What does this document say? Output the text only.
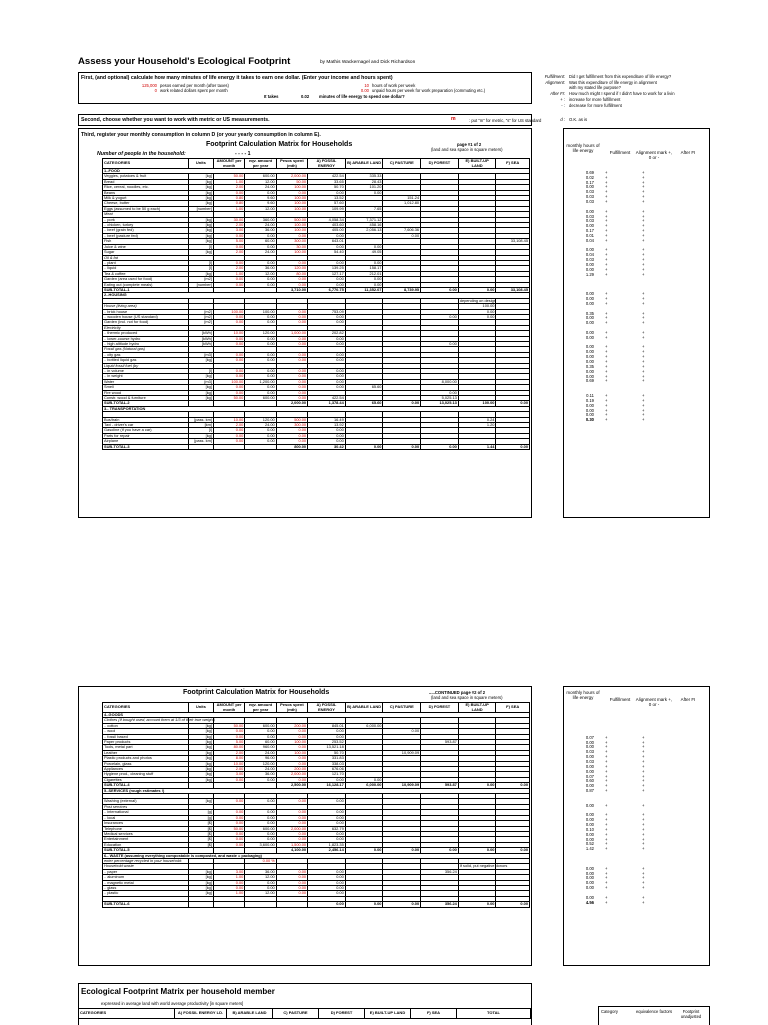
Assess your Household's Ecological Footprint	by Mathis Wackernagel and Dick Richardson
First, (and optional) calculate how many minutes of life energy it takes to earn one dollar. (Enter your income and hours spent)
125,000 pesos earned per month (after taxes)	10 hours of work per week
0 work related dollars spent per month	0.00 unpaid hours per week for work preparation (commuting etc.)
It takes	0.02 minutes of life energy to spend one dollar?
Fulfillment: Did I get fulfillment from this expenditure of life energy?
Alignment: Was this expenditure of life energy in alignment
with my stated life purpose?
After FI: How much might I spend if I didn't have to work for a livin
+ : increase for more fulfillment
- : decrease for more fulfillment
d : O.K. as is
Second, choose whether you want to work with metric or US measurements.	m	: put "m" for metric, "s" for US standard
Third, register your monthly consumption in column D (or your yearly consumption in column E).
Footprint Calculation Matrix for Households	page #1 of 2
(land and sea space in square meters)
Number of people in the household:	- - - - 1
CATEGORIES	Units	AMOUNT per month	eqv. amount per year	Pesos spent (mth)	A) FOSSIL ENERGY	B) ARABLE LAND	C) PASTURE	D) FOREST	E) BUILT-UP LAND	F) SEA
1.-FOOD										
Veggies, potatoes & fruit	[kg]	50.00	600.00	2,000.00	422.54	335.33				
Bread	[kg]	1.00	12.00	50.00	33.65	28.43				
Rice, cereal, noodles, etc.	[kg]	2.00	24.00	100.00	50.70	101.20				
Beans	[kg]	0.00	0.00	0.00	0.00	0.00				
Milk & yogurt	[kg]	0.80	9.60	100.00	13.52		151.24			
Cheese, butter	[kg]	0.80	9.60	100.00	57.60		1,012.80			
Eggs (assumed to be 50 g each)	[number]	1.00	12.00	100.00	109.99	7.65				
Meat										
.. pork	[kg]	30.00	360.00	500.00	4,058.34	7,371.12				
.. chicken, turkey	[kg]	2.00	24.00	100.00	403.60	458.16				
.. beef (grain fed)	[kg]	3.00	36.00	100.00	405.00	2,056.13	7,606.36			
.. beef (pasture fed)	[kg]	0.00	0.00	0.00	0.00		0.00			
Fish	[kg]	5.00	60.00	300.00	643.01					33,108.45
Juice & wine	[l]	0.00	0.00	30.00	0.00	0.00				
Sugar	[kg]	2.00	24.00	100.00	54.40	49.05				
Oil & fat										
.. plant	[l]	0.00	0.00	0.00	0.00	0.00				
.. liquid	[l]	2.00	36.00	120.00	139.25	158.17				
Tea & coffee	[kg]	1.00	12.00	80.00	127.17	212.01				
Garden (area used for food)	[m2]	0.00	0.00	0.00	0.00	0.00				
Eating out (complete meals)	[number]	0.00	0.00	0.00	0.00	0.00				
SUB-TOTAL-1				3,710.00	6,770.75	11,352.07	8,739.95	0.00	0.00	33,108.45
2.-HOUSING										
									depending on design	
House (living area)									100.00	
.. brick house	[m2]	100.00	100.00	0.00	753.09				0.00	
.. wooden house (US standard)	[m2]	0.00	0.00	0.00	0.00			0.00	0.00	
Garden (incl. not for food)	[m2]	0.00	0.00	0.00	0.00					
Electricity										
.. thermic produced	[kWh]	10.00	120.00	1,000.00	202.82					
.. lower-course hydro	[kWh]	0.00	0.00	0.00	0.00					
.. high altitude hydro	[kWh]	0.00	0.00	0.00	0.00			0.00		
Fossil gas (Natural gas)										
.. city gas	[m3]	0.00	0.00	0.00	0.00					
.. bottled liquid gas	[kg]	0.00	0.00	0.00	0.00					
Liquid fossil fuel (by										
.. in volume	[l]	0.00	0.00	0.00	0.00					
.. in weight	[kg]	0.00	0.00	0.00	0.00					
Water	[m3]	100.00	1,200.00	0.00	0.00			8,000.00		
Smell	[kg]	0.00	0.00	0.00	0.00	65.60				
Fire wood	[kg]	0.00	0.00	0.00				0.00		
Constr. wood & furniture	[kg]	50.00	600.00	0.00	422.54			5,025.13		
SUB-TOTAL-2				2,000.00	1,378.44	65.60	0.00	13,025.13	100.00	0.00
3.- TRANSPORTATION										

Bus/train	[pass. km]	10.00	120.00	500.00	16.49				0.24	
Taxi - driver's car	[km]	2.00	24.00	300.00	13.92				1.20	
Gasoline (if you have a car)	[l]	0.00	0.00	0.00	0.00					
Parts for repair	[kg]	0.00	0.00	0.00	0.00					
Airplane	[pass. km]	0.00	0.00	0.00	0.00					
SUB-TOTAL-3				800.00	30.42	0.00	0.00	0.00	1.44	0.00
monthly hours of life energy	Fulfillment	Alignment mark +, 0 or -
After FI
0.69	+	+
0.02	+	+
0.17	+	+
0.00	+	+
0.03	+	+
0.03	+	+
0.03	+	+
0.00	+	+
0.03	+	+
0.03	+	+
0.00	+	+
0.17	+	+
0.01	+	+
0.04	+	+
0.00	+	+
0.04	+	+
0.03	+	+
0.00	+	+
0.00	+	+
1.29	+	+
0.00	+	+
0.00	+	+
0.00	+	+
0.35	+	+
0.00	+	+
0.00	+	+
0.00	+	+
0.00	+	+
0.00	+	+
0.00	+	+
0.00	+	+
0.00	+	+
0.35	+	+
0.00	+	+
0.00	+	+
0.69	+	+
0.11	+	+
0.19	+	+
0.00	+	+
0.00	+	+
0.00	+	+
0.30	+	+
Footprint Calculation Matrix for Households	.....CONTINUED page #2 of 2
(land and sea space in square meters)
CATEGORIES	Units	AMOUNT per month	eqv. amount per year	Pesos spent (mth)	A) FOSSIL ENERGY	B) ARABLE LAND	C) PASTURE	D) FOREST	E) BUILT-UP LAND	F) SEA
4.-GOODS										
Clothes (If bought used, account them at 1/3 of their true weight)										
.. cotton	[kg]	50.00	600.00	200.00	845.01	6,000.00				
.. wool	[kg]	0.00	0.00	0.00	0.00		0.00			
.. fossil based	[kg]	0.00	0.00	0.00	0.00					
Paper products	[kg]	5.00	60.00	100.00	253.52			593.87		
Tools, metal part	[kg]	80.00	960.00	0.00	13,521.18					
Leather	[kg]	2.00	24.00	100.00	50.70		10,909.09			
Plastic products and photos	[kg]	8.00	96.00	0.00	331.83					
Porcelain, glass	[kg]	10.00	120.00	0.00	338.03					
Appliances	[kg]	2.00	24.00	200.00	676.06					
Hygiene prod., cleaning stuff	[kg]	3.00	36.00	2,000.00	121.70					
Cigarettes	[kg]	0.00	0.00	0.00	0.00	0.00				
SUB-TOTAL-4				2,500.00	16,128.17	6,000.00	10,909.09	593.87	0.00	0.00
5.-SERVICES (rough estimates !)										

Washing (external)	[kg]	0.00	0.00	0.00	0.00					
Post services										
.. international	[g]	0.00	0.00	0.00	0.00					
.. local	[g]	0.00	0.00	0.00	0.00					
Insurances	[$]	0.00	0.00	0.00	0.00					
Telephone	[$]	50.00	600.00	2,000.00	632.79					
Medical services	[$]	0.00	0.00	0.00	0.00					
Entertainment	[$]	0.00	0.00	0.00	0.00					
Education	[$]	0.00	3,600.00	1,500.00	1,823.35					
SUB-TOTAL-5				4,100.00	2,456.14	0.00	0.00	0.00	0.00	0.00
6.- WASTE (assuming everything compostable is composted, and waste = packaging)										
enter percentage recycled in your household:			0.00 %							
Household waste									If solid, put negative donors	
.. paper	[kg]	3.00	36.00	0.00	0.00			356.24		
.. aluminum	[kg]	1.00	12.00	0.00	0.00					
.. magnetic metal	[kg]	0.00	0.00	0.00	0.00					
.. glass	[kg]	0.00	0.00	0.00	0.00					
.. plastic	[kg]	1.00	12.00	0.00	0.00					

SUB-TOTAL-6					0.00	0.00	0.00	356.24	0.00	0.00
monthly hours of life energy	Fulfillment	Alignment mark +, 0 or -
After FI
0.07	+	+
0.00	+	+
0.00	+	+
0.03	+	+
0.00	+	+
0.03	+	+
0.00	+	+
0.00	+	+
0.07	+	+
0.60	+	+
0.00	+	+
0.87	+	+
0.00	+	+
0.00	+	+
0.00	+	+
0.00	+	+
0.10	+	+
0.00	+	+
0.00	+	+
0.52	+	+
1.42	+	+
0.00	+	+
0.00	+	+
0.00	+	+
0.00	+	+
0.00	+	+
0.00	+	+
4.56	+	+
Ecological Footprint Matrix per household member
expressed in average land with world average productivity [in square meters]
CATEGORIES	A) FOSSIL ENERGY LD.	B) ARABLE LAND	C) PASTURE	D) FOREST	E) BUILT-UP LAND	F) SEA	TOTAL	Category	equivalence factors	Footprint unadjusted
